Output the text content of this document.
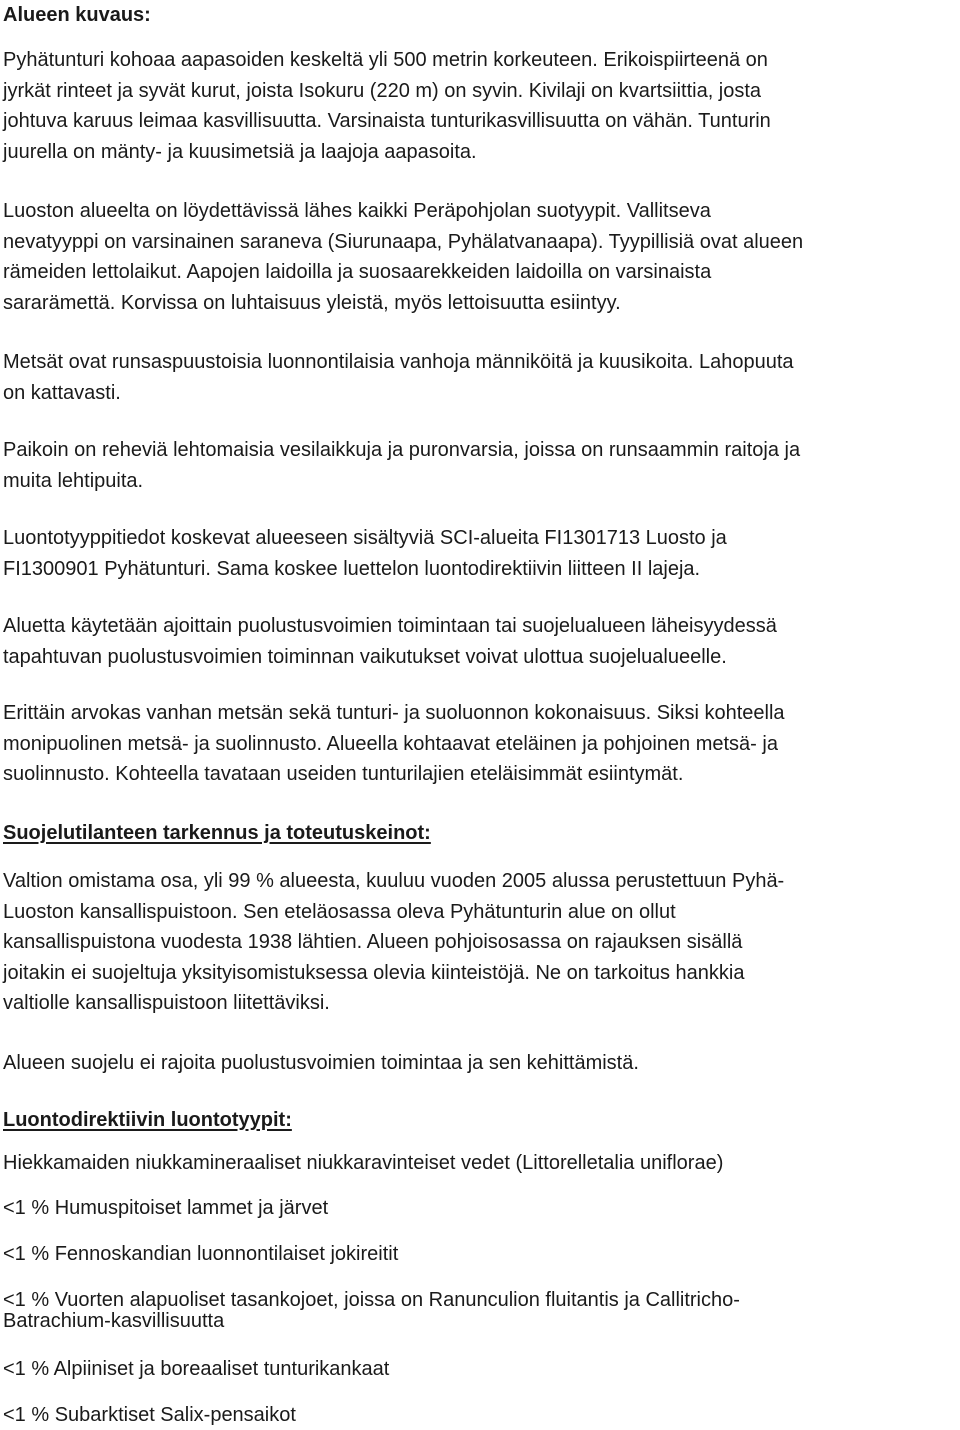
Alueen kuvaus:
Pyhätunturi kohoaa aapasoiden keskeltä yli 500 metrin korkeuteen. Erikoispiirteenä on
jyrkät rinteet ja syvät kurut, joista Isokuru (220 m) on syvin. Kivilaji on kvartsiittia, josta
johtuva karuus leimaa kasvillisuutta. Varsinaista tunturikasvillisuutta on vähän. Tunturin
juurella on mänty- ja kuusimetsiä ja laajoja aapasoita.
Luoston alueelta on löydettävissä lähes kaikki Peräpohjolan suotyypit. Vallitseva
nevatyyppi on varsinainen saraneva (Siurunaapa, Pyhälatvanaapa). Tyypillisiä ovat alueen
rämeiden lettolaikut. Aapojen laidoilla ja suosaarekkeiden laidoilla on varsinaista
sararämettä. Korvissa on luhtaisuus yleistä, myös lettoisuutta esiintyy.
Metsät ovat runsaspuustoisia luonnontilaisia vanhoja männiköitä ja kuusikoita. Lahopuuta
on kattavasti.
Paikoin on reheviä lehtomaisia vesilaikkuja ja puronvarsia, joissa on runsaammin raitoja ja
muita lehtipuita.
Luontotyyppitiedot koskevat alueeseen sisältyviä SCI-alueita FI1301713 Luosto ja
FI1300901 Pyhätunturi. Sama koskee luettelon luontodirektiivin liitteen II lajeja.
Aluetta käytetään ajoittain puolustusvoimien toimintaan tai suojelualueen läheisyydessä
tapahtuvan puolustusvoimien toiminnan vaikutukset voivat ulottua suojelualueelle.
Erittäin arvokas vanhan metsän sekä tunturi- ja suoluonnon kokonaisuus. Siksi kohteella
monipuolinen metsä- ja suolinnusto. Alueella kohtaavat eteläinen ja pohjoinen metsä- ja
suolinnusto. Kohteella tavataan useiden tunturilajien eteläisimmät esiintymät.
Suojelutilanteen tarkennus ja toteutuskeinot:
Valtion omistama osa, yli 99 % alueesta, kuuluu vuoden 2005 alussa perustettuun Pyhä-
Luoston kansallispuistoon. Sen eteläosassa oleva Pyhätunturin alue on ollut
kansallispuistona vuodesta 1938 lähtien. Alueen pohjoisosassa on rajauksen sisällä
joitakin ei suojeltuja yksityisomistuksessa olevia kiinteistöjä. Ne on tarkoitus hankkia
valtiolle kansallispuistoon liitettäviksi.
Alueen suojelu ei rajoita puolustusvoimien toimintaa ja sen kehittämistä.
Luontodirektiivin luontotyypit:
Hiekkamaiden niukkamineraaliset niukkaravinteiset vedet (Littorelletalia uniflorae)
<1 % Humuspitoiset lammet ja järvet
<1 % Fennoskandian luonnontilaiset jokireitit
<1 % Vuorten alapuoliset tasankojoet, joissa on Ranunculion fluitantis ja Callitricho-
Batrachium-kasvillisuutta
<1 % Alpiiniset ja boreaaliset tunturikankaat
<1 % Subarktiset Salix-pensaikot
